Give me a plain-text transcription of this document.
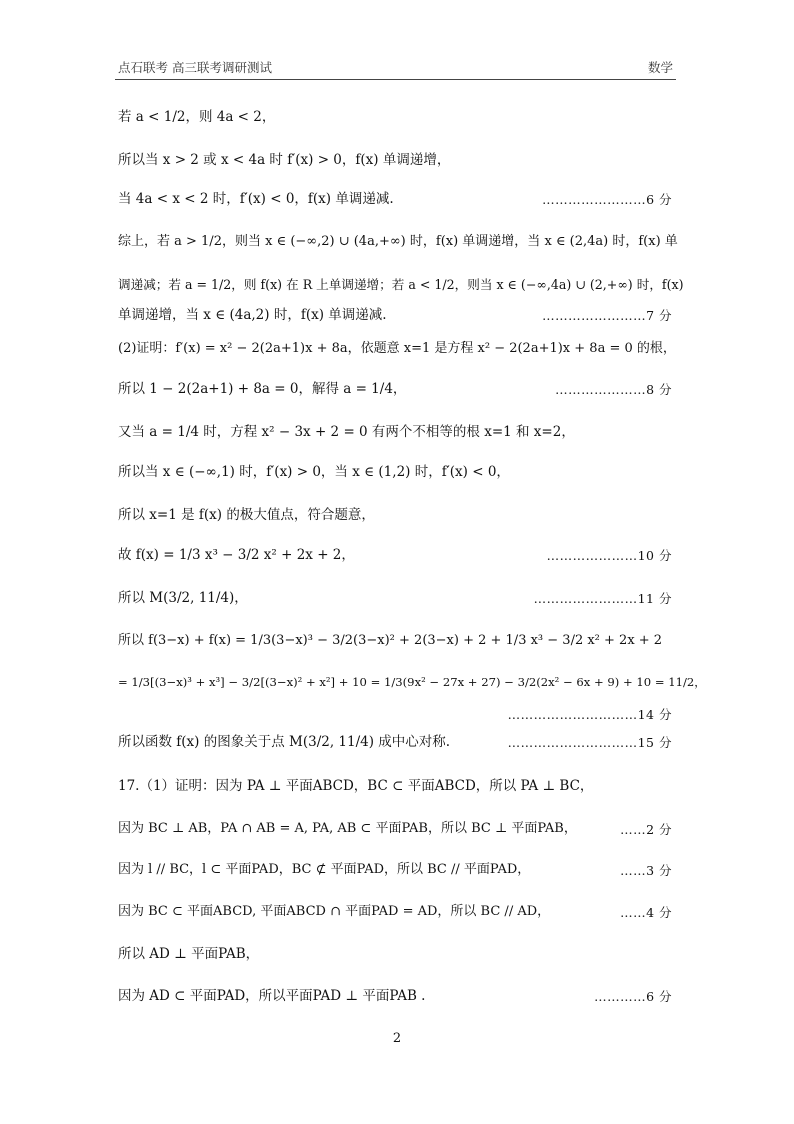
点石联考 高三联考调研测试	数学
若 a < 1/2，则 4a < 2，
所以当 x > 2 或 x < 4a 时 f′(x) > 0，f(x) 单调递增，
当 4a < x < 2 时，f′(x) < 0，f(x) 单调递减.	……………………6 分
综上，若 a > 1/2，则当 x ∈ (−∞,2) ∪ (4a,+∞) 时，f(x) 单调递增，当 x ∈ (2,4a) 时，f(x) 单
调递减；若 a = 1/2，则 f(x) 在 R 上单调递增；若 a < 1/2，则当 x ∈ (−∞,4a) ∪ (2,+∞) 时，f(x)
单调递增，当 x ∈ (4a,2) 时，f(x) 单调递减.	……………………7 分
(2)证明：f′(x) = x² − 2(2a+1)x + 8a，依题意 x=1 是方程 x² − 2(2a+1)x + 8a = 0 的根，
所以 1 − 2(2a+1) + 8a = 0，解得 a = 1/4，	…………………8 分
又当 a = 1/4 时，方程 x² − 3x + 2 = 0 有两个不相等的根 x=1 和 x=2，
所以当 x ∈ (−∞,1) 时，f′(x) > 0，当 x ∈ (1,2) 时，f′(x) < 0，
所以 x=1 是 f(x) 的极大值点，符合题意，
故 f(x) = 1/3 x³ − 3/2 x² + 2x + 2，	…………………10 分
所以 M(3/2, 11/4)，	……………………11 分
所以 f(3−x) + f(x) = 1/3(3−x)³ − 3/2(3−x)² + 2(3−x) + 2 + 1/3 x³ − 3/2 x² + 2x + 2
= 1/3[(3−x)³ + x³] − 3/2[(3−x)² + x²] + 10 = 1/3(9x² − 27x + 27) − 3/2(2x² − 6x + 9) + 10 = 11/2，
…………………………14 分
所以函数 f(x) 的图象关于点 M(3/2, 11/4) 成中心对称.	…………………………15 分
17.（1）证明：因为 PA ⊥ 平面ABCD，BC ⊂ 平面ABCD，所以 PA ⊥ BC，
因为 BC ⊥ AB，PA ∩ AB = A, PA, AB ⊂ 平面PAB，所以 BC ⊥ 平面PAB，	……2 分
因为 l // BC，l ⊂ 平面PAD，BC ⊄ 平面PAD，所以 BC // 平面PAD，	……3 分
因为 BC ⊂ 平面ABCD, 平面ABCD ∩ 平面PAD = AD，所以 BC // AD，	……4 分
所以 AD ⊥ 平面PAB，
因为 AD ⊂ 平面PAD，所以平面PAD ⊥ 平面PAB .	…………6 分
2
